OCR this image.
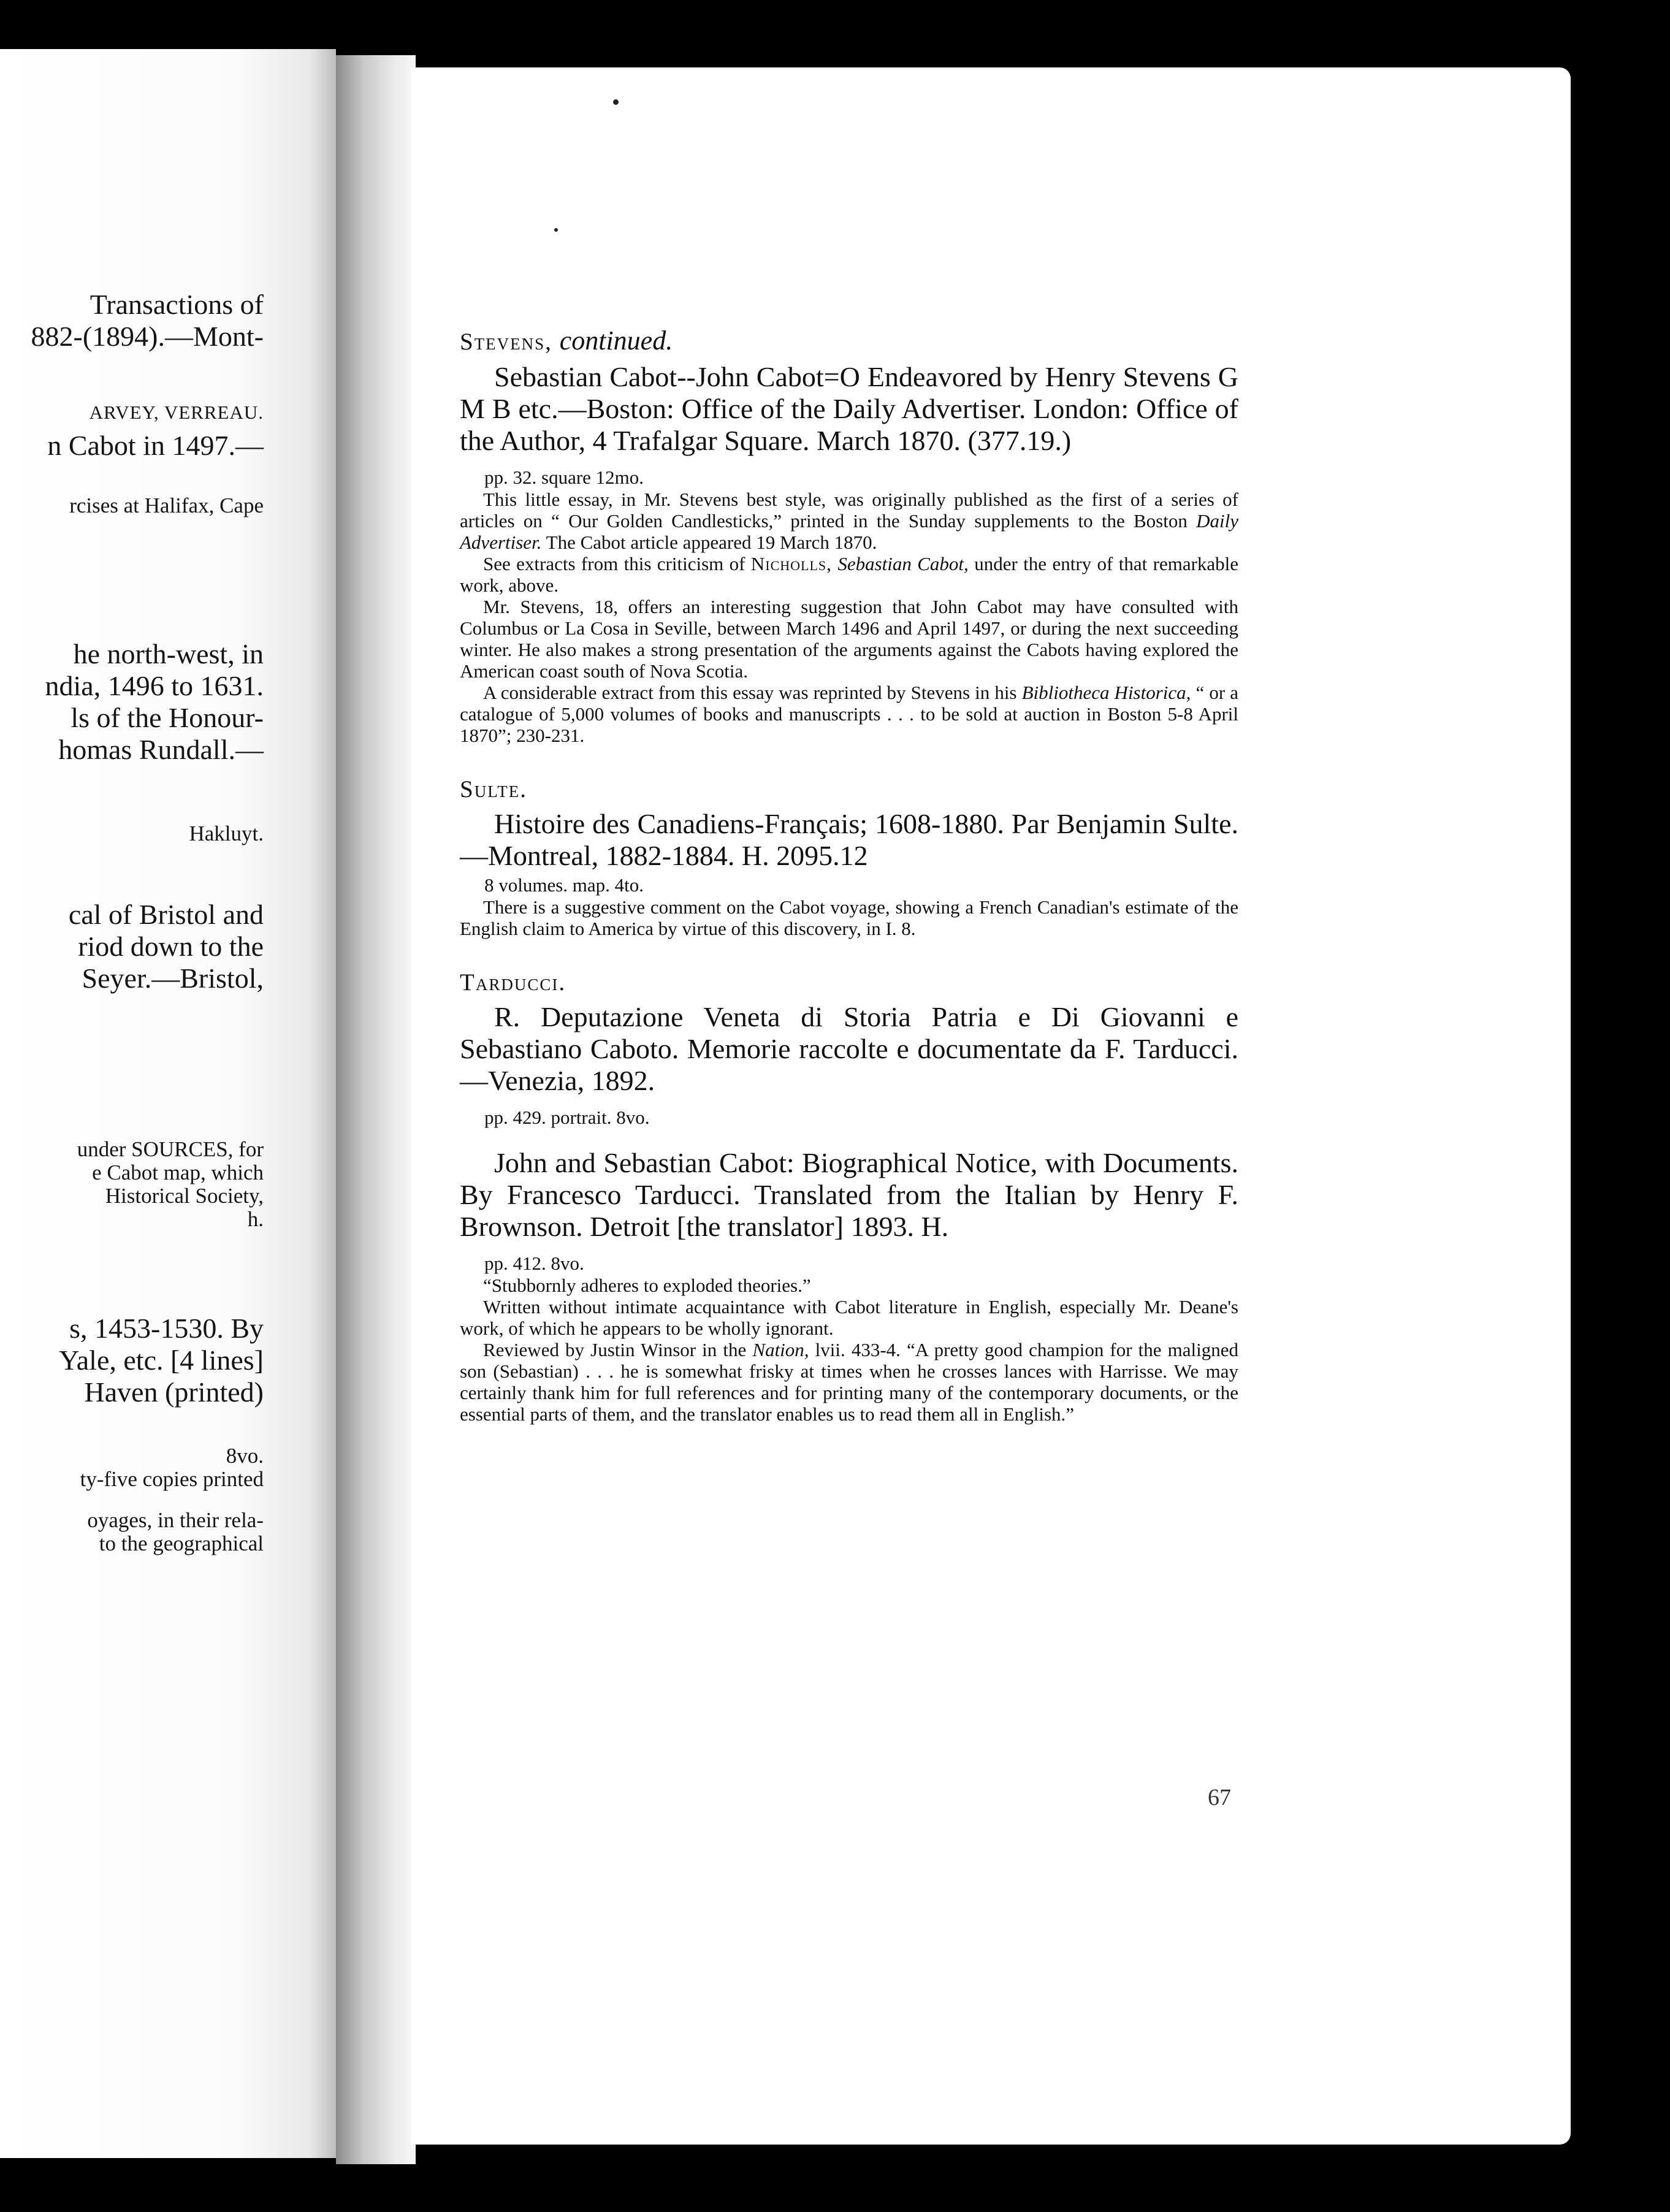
Transactions of
882-(1894).—Mont-
ARVEY, VERREAU.
n Cabot in 1497.—
rcises at Halifax, Cape
he north-west, in
ndia, 1496 to 1631.
ls of the Honour-
homas Rundall.—
Hakluyt.
cal of Bristol and
riod down to the
Seyer.—Bristol,
under SOURCES, for
e Cabot map, which
Historical Society,
h.
s, 1453-1530. By
Yale, etc. [4 lines]
Haven (printed)
8vo.
ty-five copies printed
oyages, in their rela-
to the geographical
Stevens, continued.

Sebastian Cabot--John Cabot=O Endeavored by Henry Stevens G M B etc.—Boston: Office of the Daily Advertiser. London: Office of the Author, 4 Trafalgar Square. March 1870. (377.19.)

pp. 32. square 12mo.

This little essay, in Mr. Stevens best style, was originally published as the first of a series of articles on “ Our Golden Candlesticks,” printed in the Sunday supplements to the Boston Daily Advertiser. The Cabot article appeared 19 March 1870.

See extracts from this criticism of Nicholls, Sebastian Cabot, under the entry of that remarkable work, above.

Mr. Stevens, 18, offers an interesting suggestion that John Cabot may have consulted with Columbus or La Cosa in Seville, between March 1496 and April 1497, or during the next succeeding winter. He also makes a strong presentation of the arguments against the Cabots having explored the American coast south of Nova Scotia.

A considerable extract from this essay was reprinted by Stevens in his Bibliotheca Historica, “ or a catalogue of 5,000 volumes of books and manuscripts . . . to be sold at auction in Boston 5-8 April 1870”; 230-231.

Sulte.

Histoire des Canadiens-Français; 1608-1880. Par Benjamin Sulte.—Montreal, 1882-1884. H. 2095.12

8 volumes. map. 4to.

There is a suggestive comment on the Cabot voyage, showing a French Canadian's estimate of the English claim to America by virtue of this discovery, in I. 8.

Tarducci.

R. Deputazione Veneta di Storia Patria e Di Giovanni e Sebastiano Caboto. Memorie raccolte e documentate da F. Tarducci.—Venezia, 1892.

pp. 429. portrait. 8vo.

John and Sebastian Cabot: Biographical Notice, with Documents. By Francesco Tarducci. Translated from the Italian by Henry F. Brownson. Detroit [the translator] 1893. H.

pp. 412. 8vo.

“Stubbornly adheres to exploded theories.”

Written without intimate acquaintance with Cabot literature in English, especially Mr. Deane's work, of which he appears to be wholly ignorant.

Reviewed by Justin Winsor in the Nation, lvii. 433-4. “A pretty good champion for the maligned son (Sebastian) . . . he is somewhat frisky at times when he crosses lances with Harrisse. We may certainly thank him for full references and for printing many of the contemporary documents, or the essential parts of them, and the translator enables us to read them all in English.”

67
